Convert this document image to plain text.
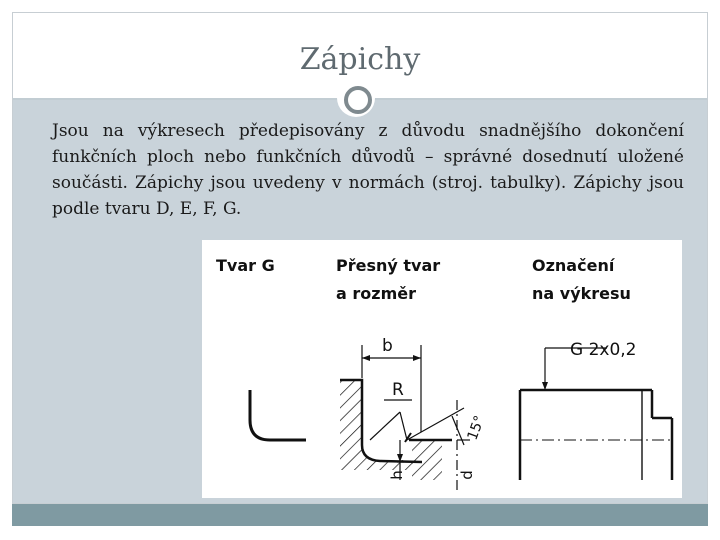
Zápichy
Jsou na výkresech předepisovány z důvodu snadnějšího dokončení funkčních ploch nebo funkčních důvodů – správné dosednutí uložené součásti. Zápichy jsou uvedeny v normách (stroj. tabulky). Zápichy jsou podle tvaru D, E, F, G.
Tvar G	Přesný tvar
a rozměr
Označení
na výkresu
b
R
15°
h	d
G 2x0,2
